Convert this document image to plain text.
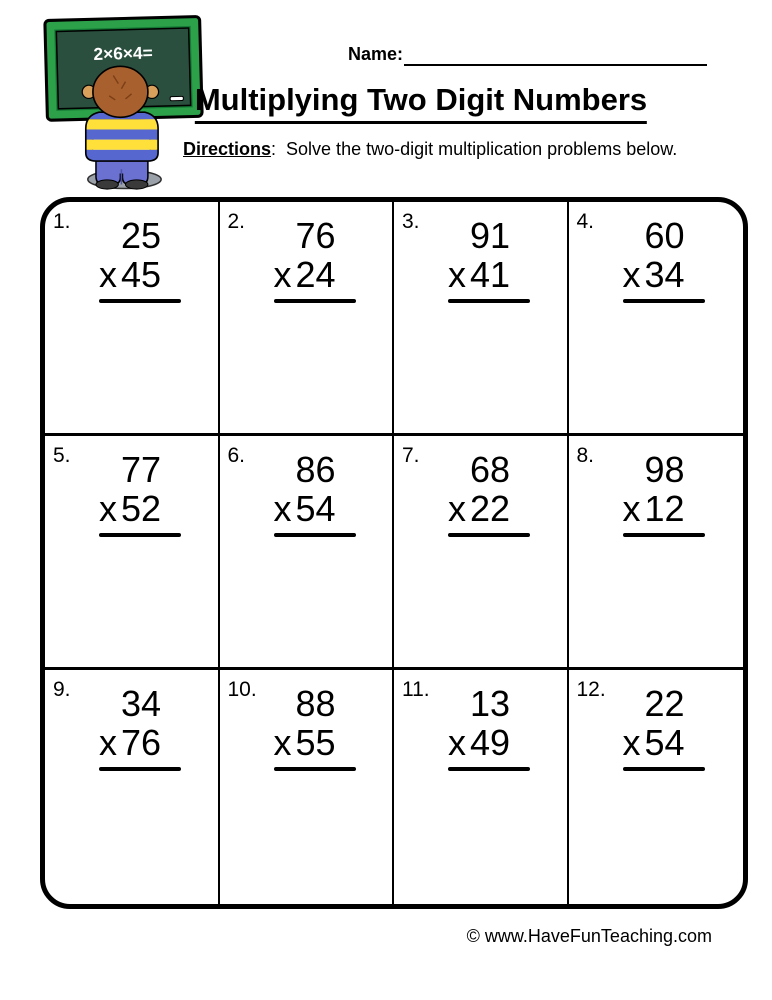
2×6×4=	Name:
Multiplying Two Digit Numbers
Directions:  Solve the two-digit multiplication problems below.
1.	25
x 45
2.	76
x 24
3.	91
x 41
4.	60
x 34
5.	77
x 52
6.	86
x 54
7.	68
x 22
8.	98
x 12
9.	34
x 76
10.	88
x 55
11.	13
x 49
12.	22
x 54
© www.HaveFunTeaching.com
